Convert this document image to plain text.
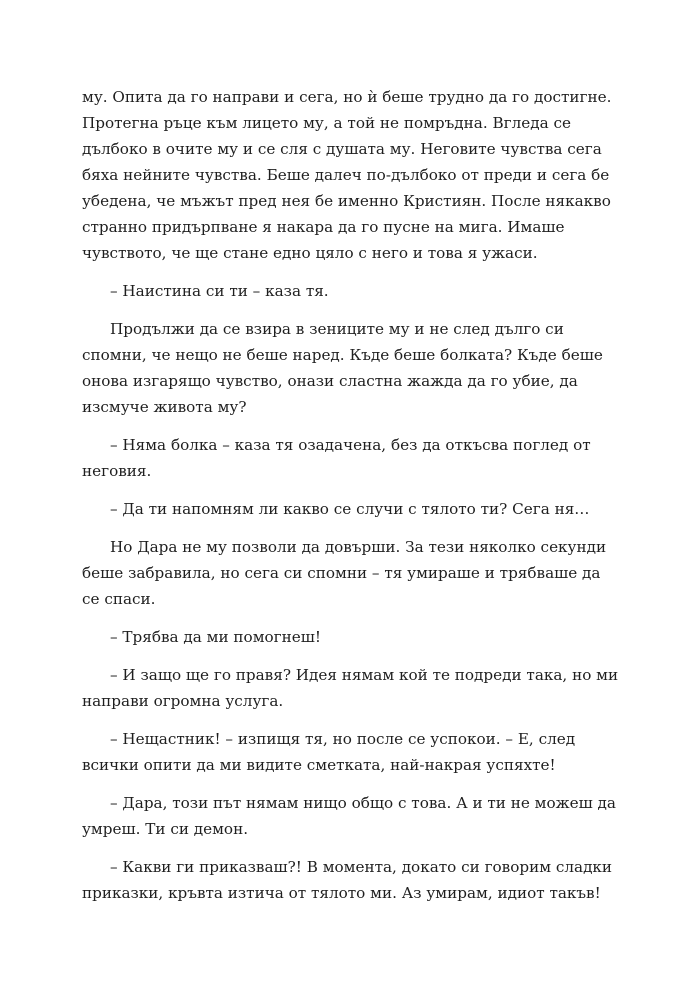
му. Опита да го направи и сега, но ѝ беше трудно да го достигне. Протегна ръце към лицето му, а той не помръдна. Вгледа се дълбоко в очите му и се сля с душата му. Неговите чувства сега бяха нейните чувства. Беше далеч по-дълбоко от преди и сега бе убедена, че мъжът пред нея бе именно Кристиян. После някакво странно придърпване я накара да го пусне на мига. Имаше чувството, че ще стане едно цяло с него и това я ужаси.

– Наистина си ти – каза тя.

Продължи да се взира в зениците му и не след дълго си спомни, че нещо не беше наред. Къде беше болката? Къде беше онова изгарящо чувство, онази сластна жажда да го убие, да изсмуче живота му?

– Няма болка – каза тя озадачена, без да откъсва поглед от неговия.

– Да ти напомням ли какво се случи с тялото ти? Сега ня…

Но Дара не му позволи да довърши. За тези няколко секунди беше забравила, но сега си спомни – тя умираше и трябваше да се спаси.

– Трябва да ми помогнеш!

– И защо ще го правя? Идея нямам кой те подреди така, но ми направи огромна услуга.

– Нещастник! – изпищя тя, но после се успокои. – Е, след всички опити да ми видите сметката, най-накрая успяхте!

– Дара, този път нямам нищо общо с това. А и ти не можеш да умреш. Ти си демон.

– Какви ги приказваш?! В момента, докато си говорим сладки приказки, кръвта изтича от тялото ми. Аз умирам, идиот такъв!
